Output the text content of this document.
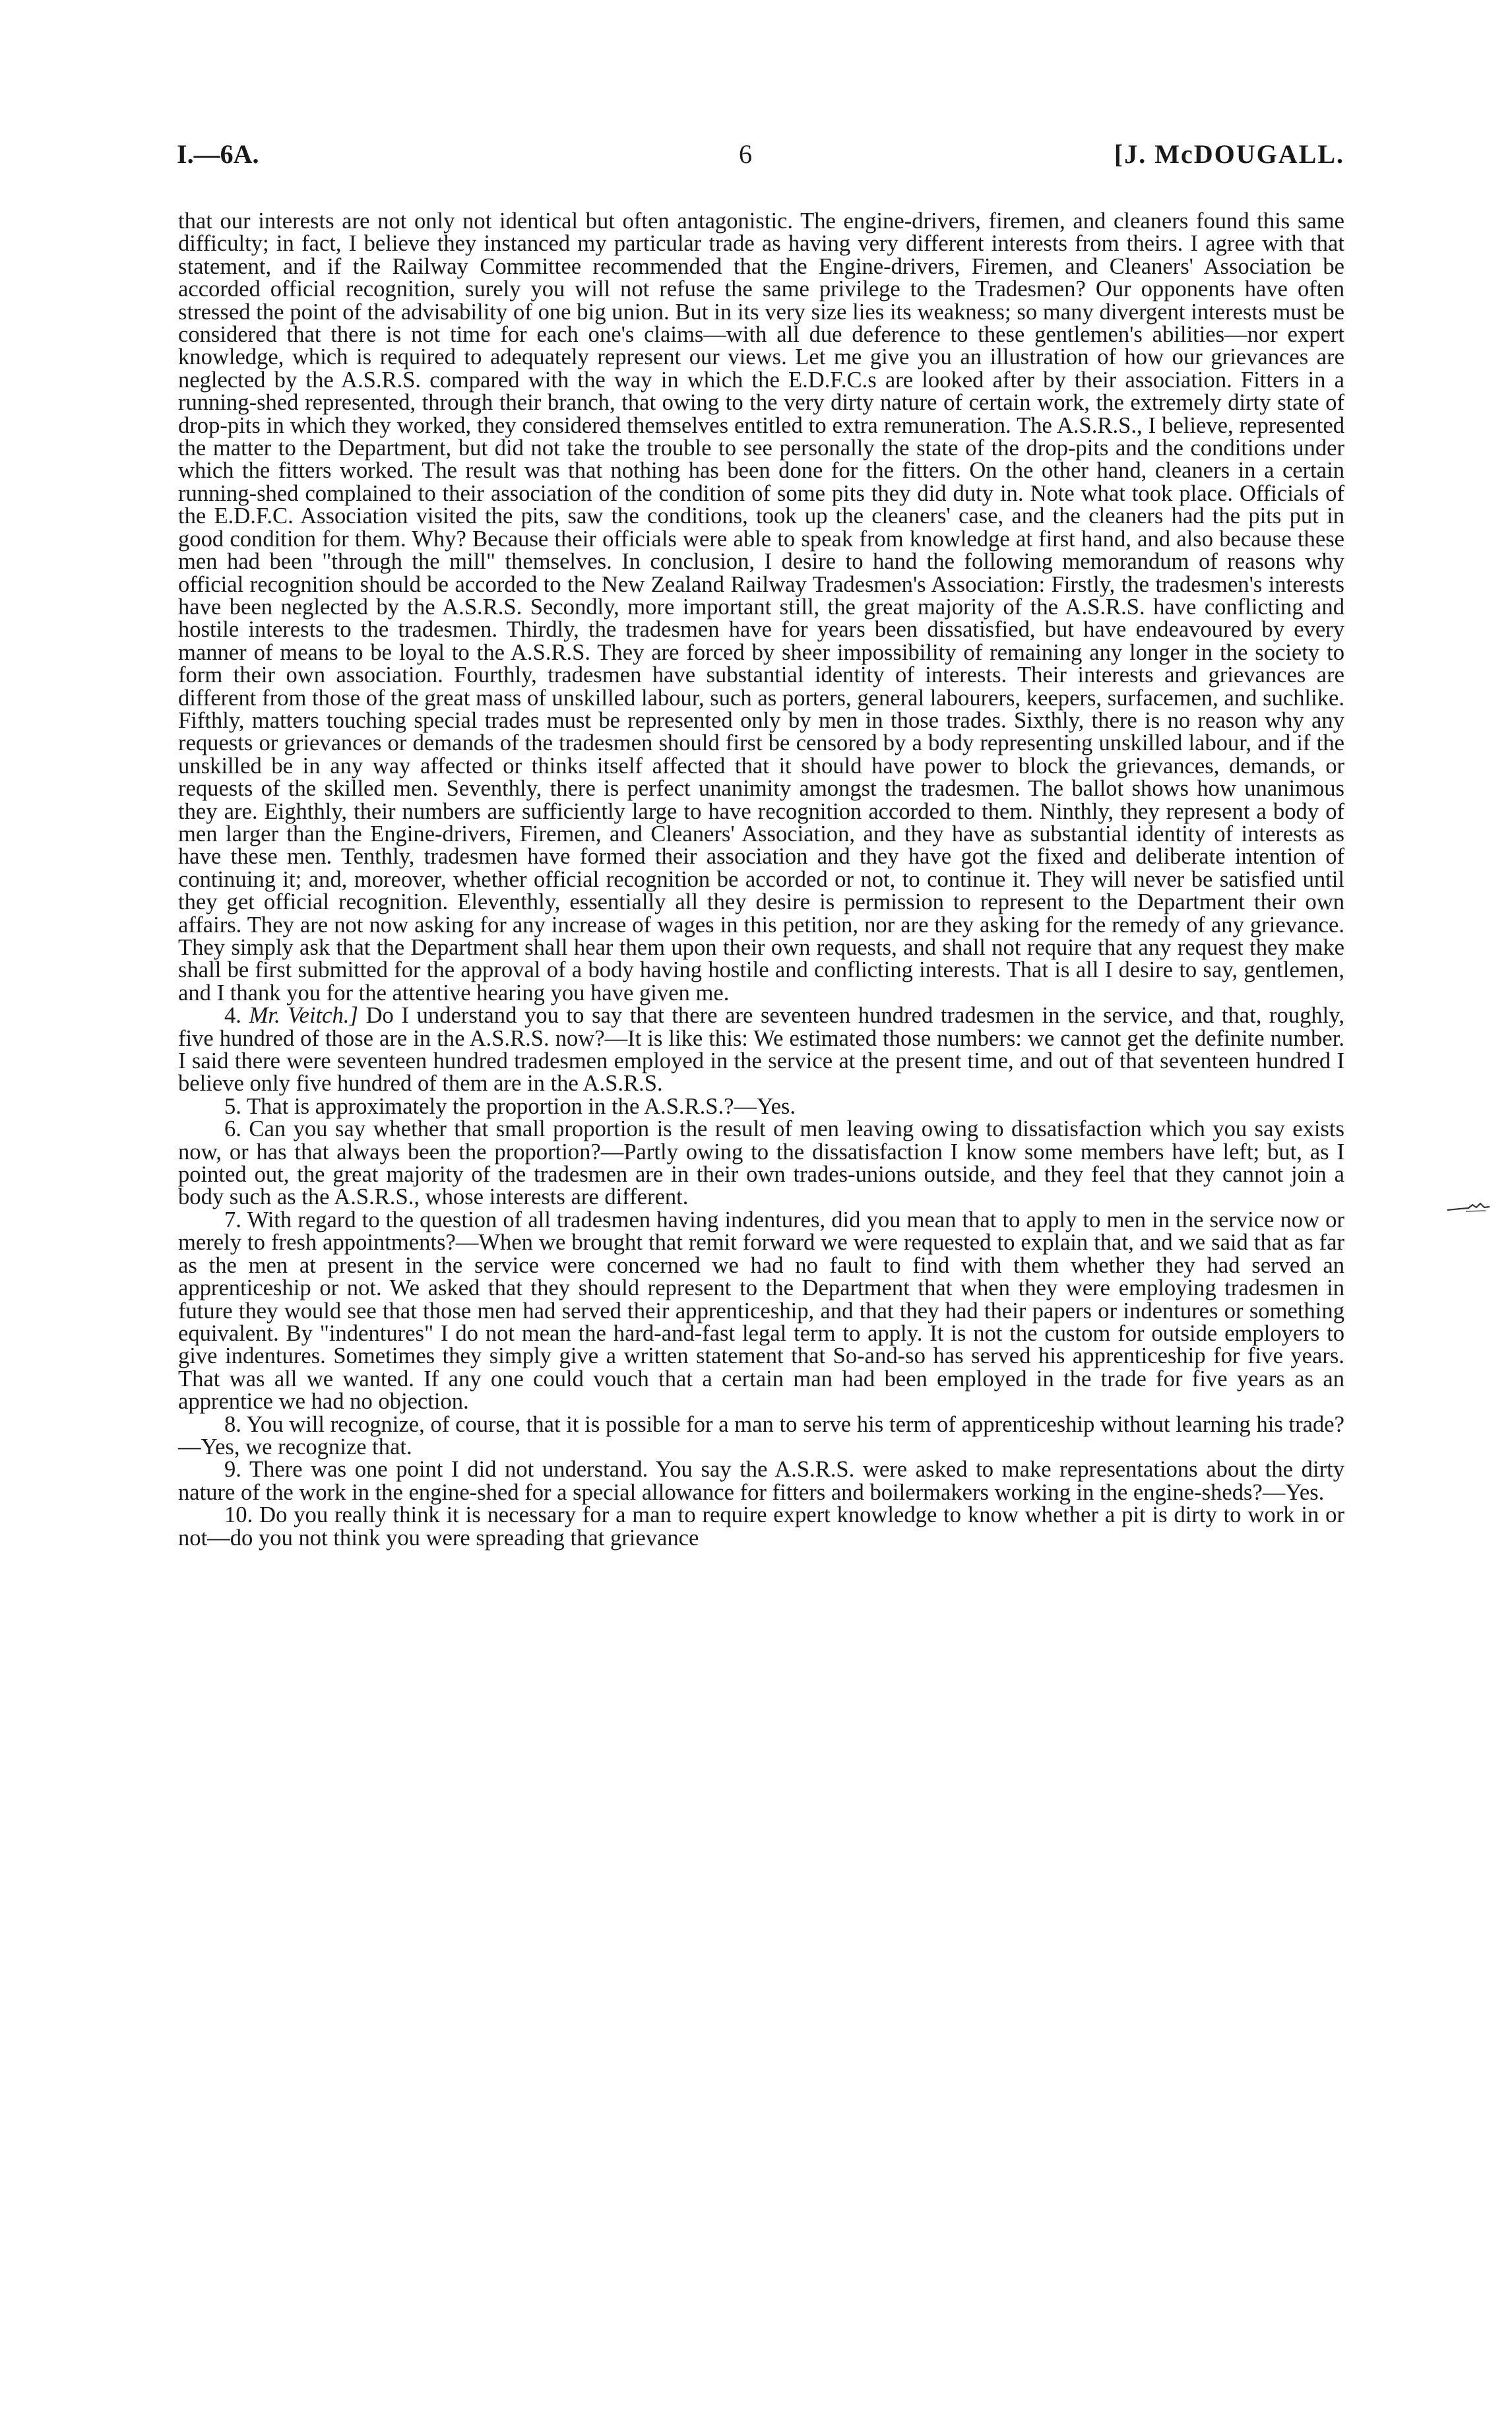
I.—6A.	6	[J. McDOUGALL.

that our interests are not only not identical but often antagonistic. The engine-drivers, firemen, and cleaners found this same difficulty; in fact, I believe they instanced my particular trade as having very different interests from theirs. I agree with that statement, and if the Railway Committee recommended that the Engine-drivers, Firemen, and Cleaners' Association be accorded official recognition, surely you will not refuse the same privilege to the Tradesmen? Our opponents have often stressed the point of the advisability of one big union. But in its very size lies its weakness; so many divergent interests must be considered that there is not time for each one's claims—with all due deference to these gentlemen's abilities—nor expert knowledge, which is required to adequately represent our views. Let me give you an illustration of how our grievances are neglected by the A.S.R.S. compared with the way in which the E.D.F.C.s are looked after by their association. Fitters in a running-shed represented, through their branch, that owing to the very dirty nature of certain work, the extremely dirty state of drop-pits in which they worked, they considered themselves entitled to extra remuneration. The A.S.R.S., I believe, represented the matter to the Department, but did not take the trouble to see personally the state of the drop-pits and the conditions under which the fitters worked. The result was that nothing has been done for the fitters. On the other hand, cleaners in a certain running-shed complained to their association of the condition of some pits they did duty in. Note what took place. Officials of the E.D.F.C. Association visited the pits, saw the conditions, took up the cleaners' case, and the cleaners had the pits put in good condition for them. Why? Because their officials were able to speak from knowledge at first hand, and also because these men had been "through the mill" themselves. In conclusion, I desire to hand the following memorandum of reasons why official recognition should be accorded to the New Zealand Railway Tradesmen's Association: Firstly, the tradesmen's interests have been neglected by the A.S.R.S. Secondly, more important still, the great majority of the A.S.R.S. have conflicting and hostile interests to the tradesmen. Thirdly, the tradesmen have for years been dissatisfied, but have endeavoured by every manner of means to be loyal to the A.S.R.S. They are forced by sheer impossibility of remaining any longer in the society to form their own association. Fourthly, tradesmen have substantial identity of interests. Their interests and grievances are different from those of the great mass of unskilled labour, such as porters, general labourers, keepers, surfacemen, and suchlike. Fifthly, matters touching special trades must be represented only by men in those trades. Sixthly, there is no reason why any requests or grievances or demands of the tradesmen should first be censored by a body representing unskilled labour, and if the unskilled be in any way affected or thinks itself affected that it should have power to block the grievances, demands, or requests of the skilled men. Seventhly, there is perfect unanimity amongst the tradesmen. The ballot shows how unanimous they are. Eighthly, their numbers are sufficiently large to have recognition accorded to them. Ninthly, they represent a body of men larger than the Engine-drivers, Firemen, and Cleaners' Association, and they have as substantial identity of interests as have these men. Tenthly, tradesmen have formed their association and they have got the fixed and deliberate intention of continuing it; and, moreover, whether official recognition be accorded or not, to continue it. They will never be satisfied until they get official recognition. Eleventhly, essentially all they desire is permission to represent to the Department their own affairs. They are not now asking for any increase of wages in this petition, nor are they asking for the remedy of any grievance. They simply ask that the Department shall hear them upon their own requests, and shall not require that any request they make shall be first submitted for the approval of a body having hostile and conflicting interests. That is all I desire to say, gentlemen, and I thank you for the attentive hearing you have given me.

4. Mr. Veitch.] Do I understand you to say that there are seventeen hundred tradesmen in the service, and that, roughly, five hundred of those are in the A.S.R.S. now?—It is like this: We estimated those numbers: we cannot get the definite number. I said there were seventeen hundred tradesmen employed in the service at the present time, and out of that seventeen hundred I believe only five hundred of them are in the A.S.R.S.

5. That is approximately the proportion in the A.S.R.S.?—Yes.

6. Can you say whether that small proportion is the result of men leaving owing to dissatisfaction which you say exists now, or has that always been the proportion?—Partly owing to the dissatisfaction I know some members have left; but, as I pointed out, the great majority of the tradesmen are in their own trades-unions outside, and they feel that they cannot join a body such as the A.S.R.S., whose interests are different.

7. With regard to the question of all tradesmen having indentures, did you mean that to apply to men in the service now or merely to fresh appointments?—When we brought that remit forward we were requested to explain that, and we said that as far as the men at present in the service were concerned we had no fault to find with them whether they had served an apprenticeship or not. We asked that they should represent to the Department that when they were employing tradesmen in future they would see that those men had served their apprenticeship, and that they had their papers or indentures or something equivalent. By "indentures" I do not mean the hard-and-fast legal term to apply. It is not the custom for outside employers to give indentures. Sometimes they simply give a written statement that So-and-so has served his apprenticeship for five years. That was all we wanted. If any one could vouch that a certain man had been employed in the trade for five years as an apprentice we had no objection.

8. You will recognize, of course, that it is possible for a man to serve his term of apprenticeship without learning his trade?—Yes, we recognize that.

9. There was one point I did not understand. You say the A.S.R.S. were asked to make representations about the dirty nature of the work in the engine-shed for a special allowance for fitters and boilermakers working in the engine-sheds?—Yes.

10. Do you really think it is necessary for a man to require expert knowledge to know whether a pit is dirty to work in or not—do you not think you were spreading that grievance
